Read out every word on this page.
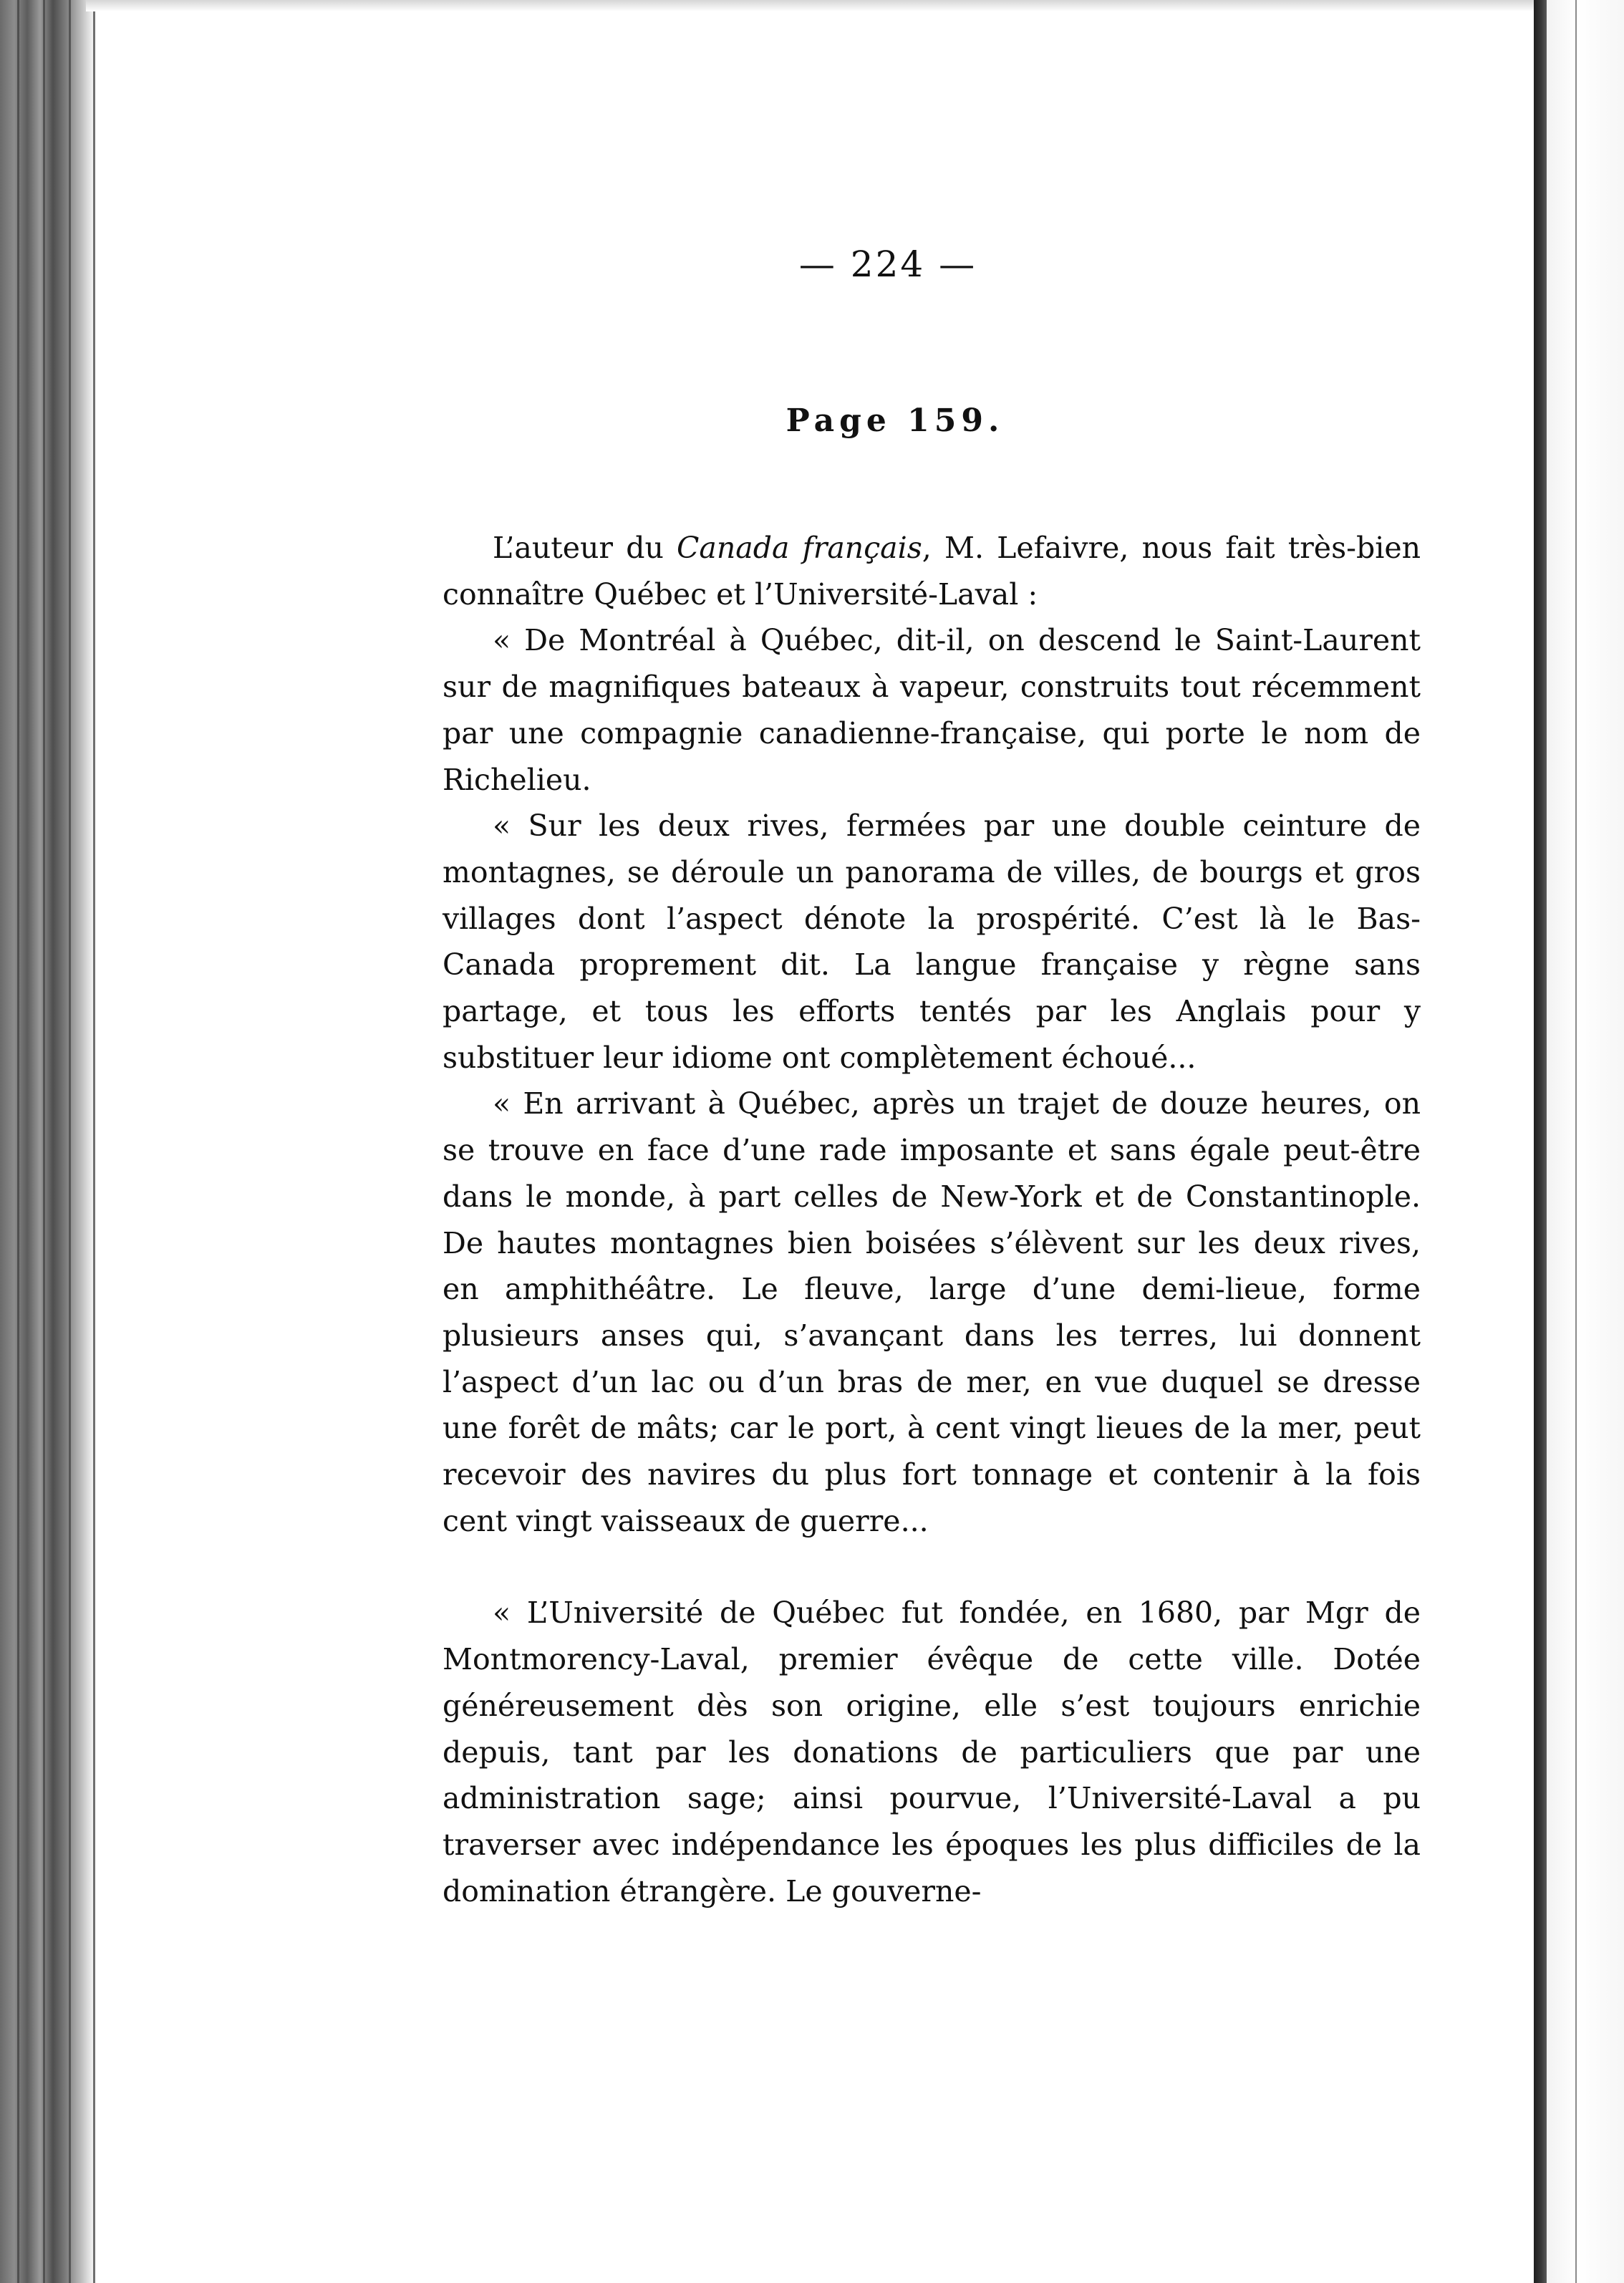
— 224 —
Page 159.

L’auteur du Canada français, M. Lefaivre, nous fait très-bien connaître Québec et l’Université-Laval :

« De Montréal à Québec, dit-il, on descend le Saint-Laurent sur de magnifiques bateaux à vapeur, construits tout récemment par une compagnie canadienne-française, qui porte le nom de Richelieu.

« Sur les deux rives, fermées par une double ceinture de montagnes, se déroule un panorama de villes, de bourgs et gros villages dont l’aspect dénote la prospérité. C’est là le Bas-Canada proprement dit. La langue française y règne sans partage, et tous les efforts tentés par les Anglais pour y substituer leur idiome ont complètement échoué...

« En arrivant à Québec, après un trajet de douze heures, on se trouve en face d’une rade imposante et sans égale peut-être dans le monde, à part celles de New-York et de Constantinople. De hautes montagnes bien boisées s’élèvent sur les deux rives, en amphithéâtre. Le fleuve, large d’une demi-lieue, forme plusieurs anses qui, s’avançant dans les terres, lui donnent l’aspect d’un lac ou d’un bras de mer, en vue duquel se dresse une forêt de mâts; car le port, à cent vingt lieues de la mer, peut recevoir des navires du plus fort tonnage et contenir à la fois cent vingt vaisseaux de guerre...

« L’Université de Québec fut fondée, en 1680, par Mgr de Montmorency-Laval, premier évêque de cette ville. Dotée généreusement dès son origine, elle s’est toujours enrichie depuis, tant par les donations de particuliers que par une administration sage; ainsi pourvue, l’Université-Laval a pu traverser avec indépendance les époques les plus difficiles de la domination étrangère. Le gouverne-
